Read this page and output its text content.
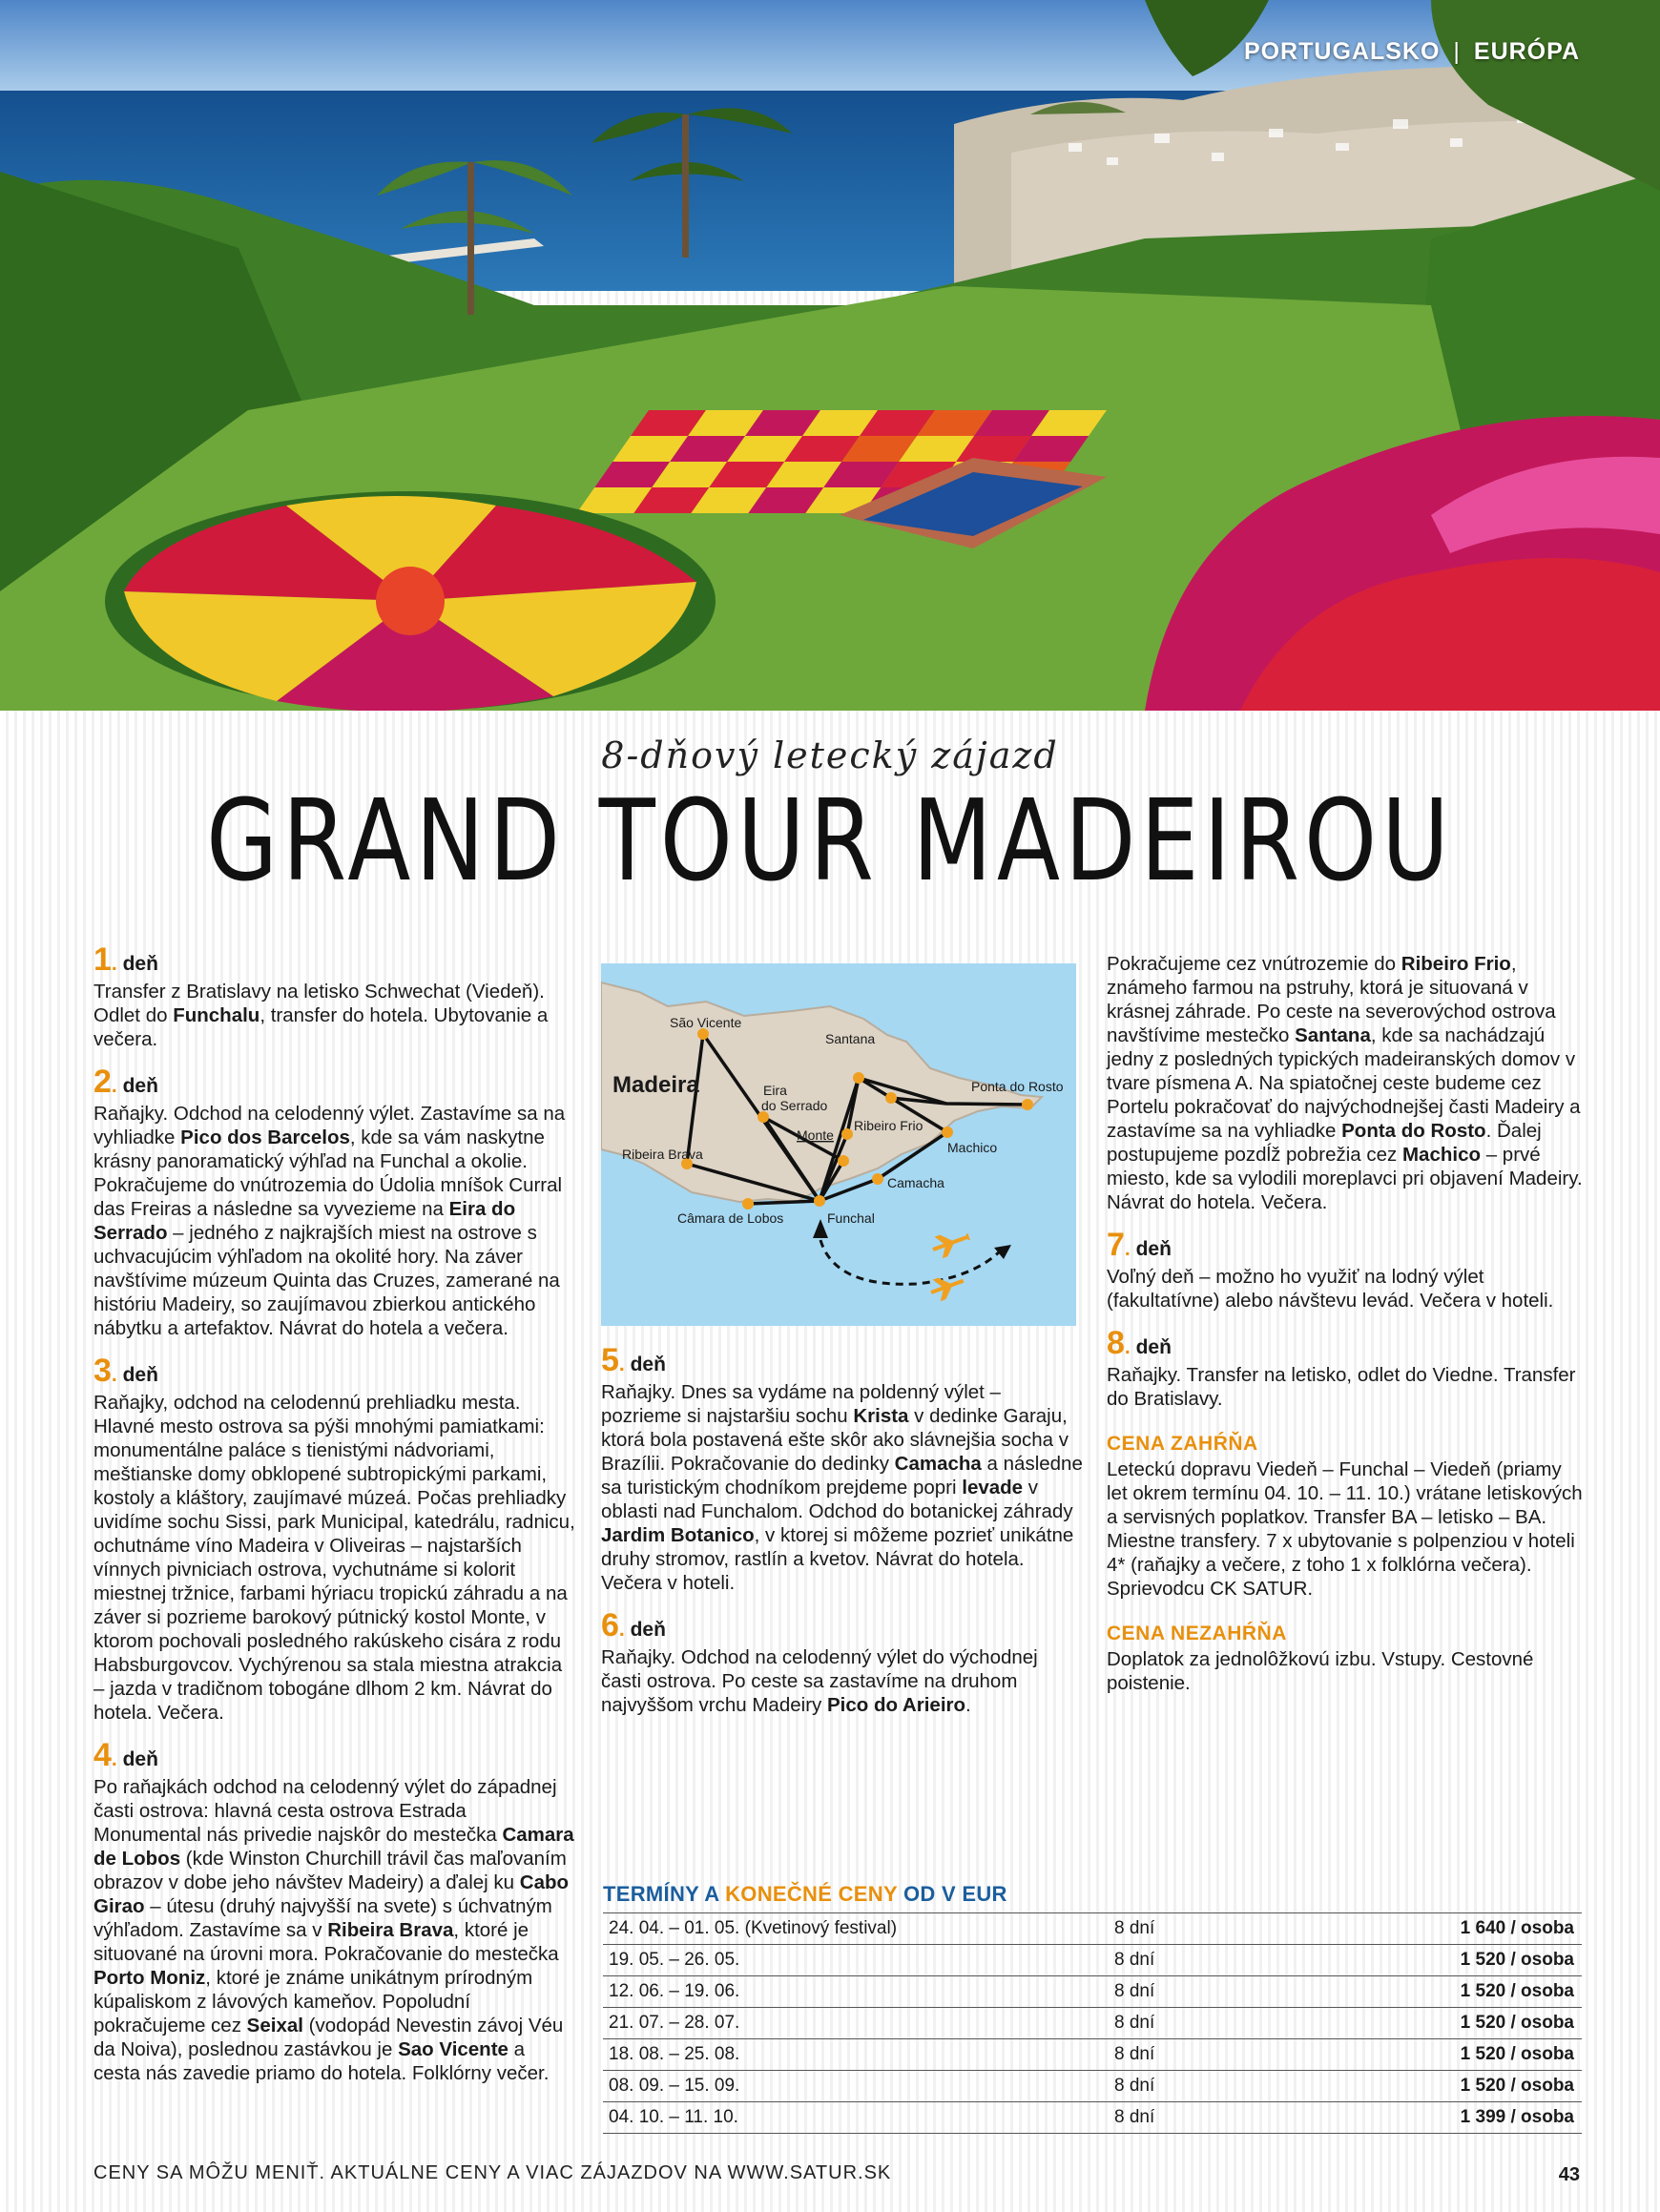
PORTUGALSKO | EURÓPA
8-dňový letecký zájazd
GRAND TOUR MADEIROU
1 . deň

Transfer z Bratislavy na letisko Schwechat (Viedeň). Odlet do Funchalu, transfer do hotela. Ubytovanie a večera.

2 . deň

Raňajky. Odchod na celodenný výlet. Zastavíme sa na vyhliadke Pico dos Barcelos, kde sa vám naskytne krásny panoramatický výhľad na Funchal a okolie. Pokračujeme do vnútrozemia do Údolia mníšok Curral das Freiras a následne sa vyvezieme na Eira do Serrado – jedného z najkrajších miest na ostrove s uchvacujúcim výhľadom na okolité hory. Na záver navštívime múzeum Quinta das Cruzes, zamerané na históriu Madeiry, so zaujímavou zbierkou antického nábytku a artefaktov. Návrat do hotela a večera.

3 . deň

Raňajky, odchod na celodennú prehliadku mesta. Hlavné mesto ostrova sa pýši mnohými pamiatkami: monumentálne paláce s tienistými nádvoriami, meštianske domy obklopené subtropickými parkami, kostoly a kláštory, zaujímavé múzeá. Počas prehliadky uvidíme sochu Sissi, park Municipal, katedrálu, radnicu, ochutnáme víno Madeira v Oliveiras – najstarších vínnych pivniciach ostrova, vychutnáme si kolorit miestnej tržnice, farbami hýriacu tropickú záhradu a na záver si pozrieme barokový pútnický kostol Monte, v ktorom pochovali posledného rakúskeho cisára z rodu Habsburgovcov. Vychýrenou sa stala miestna atrakcia – jazda v tradičnom tobogáne dlhom 2 km. Návrat do hotela. Večera.

4 . deň

Po raňajkách odchod na celodenný výlet do západnej časti ostrova: hlavná cesta ostrova Estrada Monumental nás privedie najskôr do mestečka Camara de Lobos (kde Winston Churchill trávil čas maľovaním obrazov v dobe jeho návštev Madeiry) a ďalej ku Cabo Girao – útesu (druhý najvyšší na svete) s úchvatným výhľadom. Zastavíme sa v Ribeira Brava, ktoré je situované na úrovni mora. Pokračovanie do mestečka Porto Moniz, ktoré je známe unikátnym prírodným kúpaliskom z lávových kameňov. Popoludní pokračujeme cez Seixal (vodopád Nevestin závoj Véu da Noiva), poslednou zastávkou je Sao Vicente a cesta nás zavedie priamo do hotela. Folklórny večer.

São Vicente
Santana
Eira do Serrado
Ribeiro Frio
Ponta do Rosto
Monte
Machico
Ribeira Brava
Camacha
Câmara de Lobos	Funchal
Madeira
5 . deň

Raňajky. Dnes sa vydáme na poldenný výlet – pozrieme si najstaršiu sochu Krista v dedinke Garaju, ktorá bola postavená ešte skôr ako slávnejšia socha v Brazílii. Pokračovanie do dedinky Camacha a následne sa turistickým chodníkom prejdeme popri levade v oblasti nad Funchalom. Odchod do botanickej záhrady Jardim Botanico, v ktorej si môžeme pozrieť unikátne druhy stromov, rastlín a kvetov. Návrat do hotela. Večera v hoteli.

6 . deň

Raňajky. Odchod na celodenný výlet do východnej časti ostrova. Po ceste sa zastavíme na druhom najvyššom vrchu Madeiry Pico do Arieiro.

Pokračujeme cez vnútrozemie do Ribeiro Frio, známeho farmou na pstruhy, ktorá je situovaná v krásnej záhrade. Po ceste na severovýchod ostrova navštívime mestečko Santana, kde sa nachádzajú jedny z posledných typických madeiranských domov v tvare písmena A. Na spiatočnej ceste budeme cez Portelu pokračovať do najvýchodnejšej časti Madeiry a zastavíme sa na vyhliadke Ponta do Rosto. Ďalej postupujeme pozdĺž pobrežia cez Machico – prvé miesto, kde sa vylodili moreplavci pri objavení Madeiry. Návrat do hotela. Večera.

7 . deň

Voľný deň – možno ho využiť na lodný výlet (fakultatívne) alebo návštevu levád. Večera v hoteli.

8 . deň

Raňajky. Transfer na letisko, odlet do Viedne. Transfer do Bratislavy.

CENA ZAHŔŇA

Leteckú dopravu Viedeň – Funchal – Viedeň (priamy let okrem termínu 04. 10. – 11. 10.) vrátane letiskových a servisných poplatkov. Transfer BA – letisko – BA. Miestne transfery. 7 x ubytovanie s polpenziou v hoteli 4* (raňajky a večere, z toho 1 x folklórna večera). Sprievodcu CK SATUR.

CENA NEZAHŔŇA

Doplatok za jednolôžkovú izbu. Vstupy. Cestovné poistenie.

TERMÍNY A KONEČNÉ CENY OD V EUR
24. 04. – 01. 05. (Kvetinový festival)	8 dní	1 640 / osoba
19. 05. – 26. 05.	8 dní	1 520 / osoba
12. 06. – 19. 06.	8 dní	1 520 / osoba
21. 07. – 28. 07.	8 dní	1 520 / osoba
18. 08. – 25. 08.	8 dní	1 520 / osoba
08. 09. – 15. 09.	8 dní	1 520 / osoba
04. 10. – 11. 10.	8 dní	1 399 / osoba
CENY SA MÔŽU MENIŤ. AKTUÁLNE CENY A VIAC ZÁJAZDOV NA WWW.SATUR.SK	43
